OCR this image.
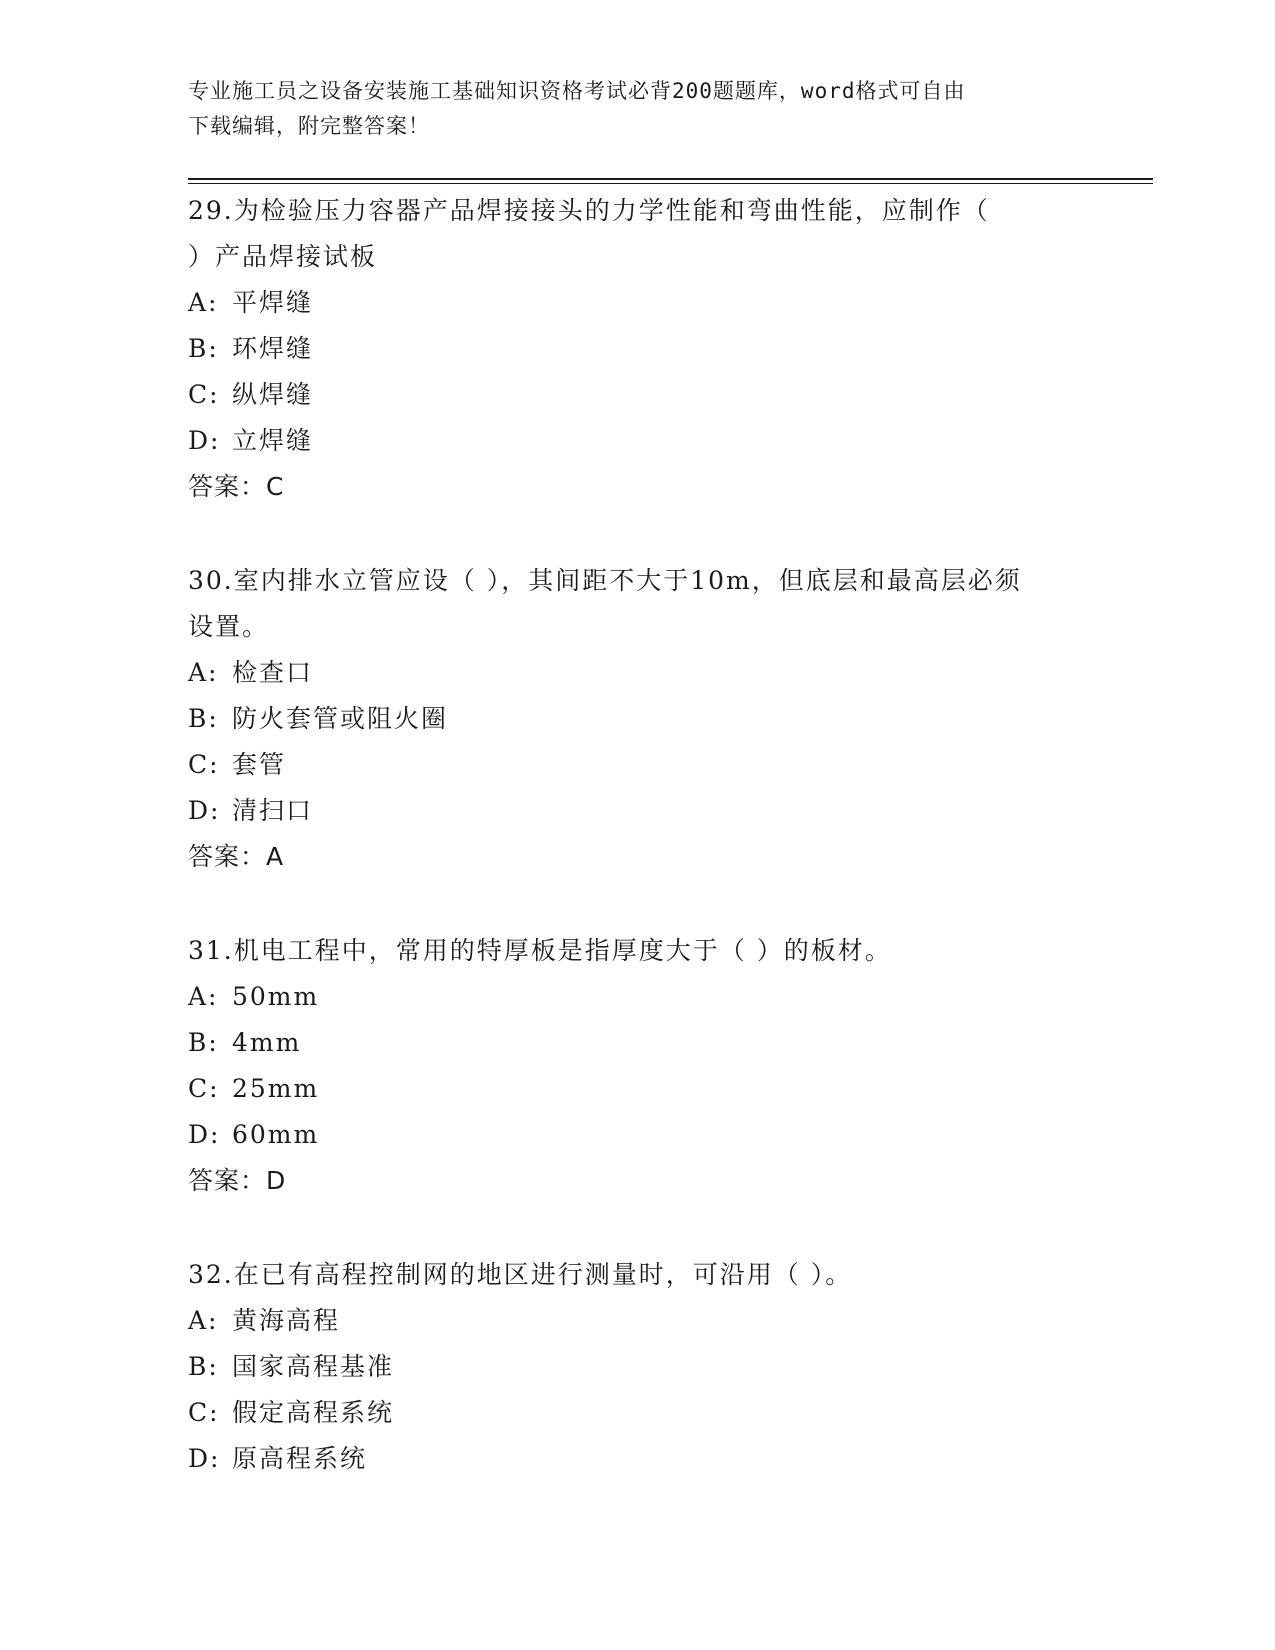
专业施工员之设备安装施工基础知识资格考试必背200题题库，word格式可自由
下载编辑，附完整答案！

29.为检验压力容器产品焊接接头的力学性能和弯曲性能，应制作（
）产品焊接试板

A: 平焊缝

B: 环焊缝

C: 纵焊缝

D: 立焊缝

答案：C

30.室内排水立管应设（ ），其间距不大于10m，但底层和最高层必须
设置。

A: 检查口

B: 防火套管或阻火圈

C: 套管

D: 清扫口

答案：A

31.机电工程中，常用的特厚板是指厚度大于（ ）的板材。

A: 50mm

B: 4mm

C: 25mm

D: 60mm

答案：D

32.在已有高程控制网的地区进行测量时，可沿用（ ）。

A: 黄海高程

B: 国家高程基准

C: 假定高程系统

D: 原高程系统
